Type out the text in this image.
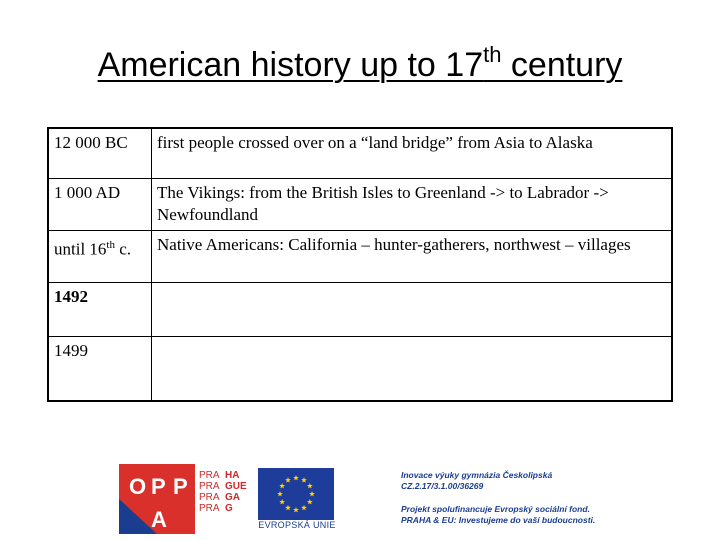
American history up to 17th century
12 000 BC	first people crossed over on a “land bridge” from Asia to Alaska
1 000 AD	The Vikings: from the British Isles to Greenland -> to Labrador -> Newfoundland
until 16th c.	Native Americans: California – hunter-gatherers, northwest – villages
1492	
1499	
O P P
A
PRA HA
PRA GUE
PRA GA
PRA G
EVROPSKÁ UNIE
Inovace výuky gymnázia Českolipská
CZ.2.17/3.1.00/36269
Projekt spolufinancuje Evropský sociální fond.
PRAHA & EU: Investujeme do vaší budoucnosti.
